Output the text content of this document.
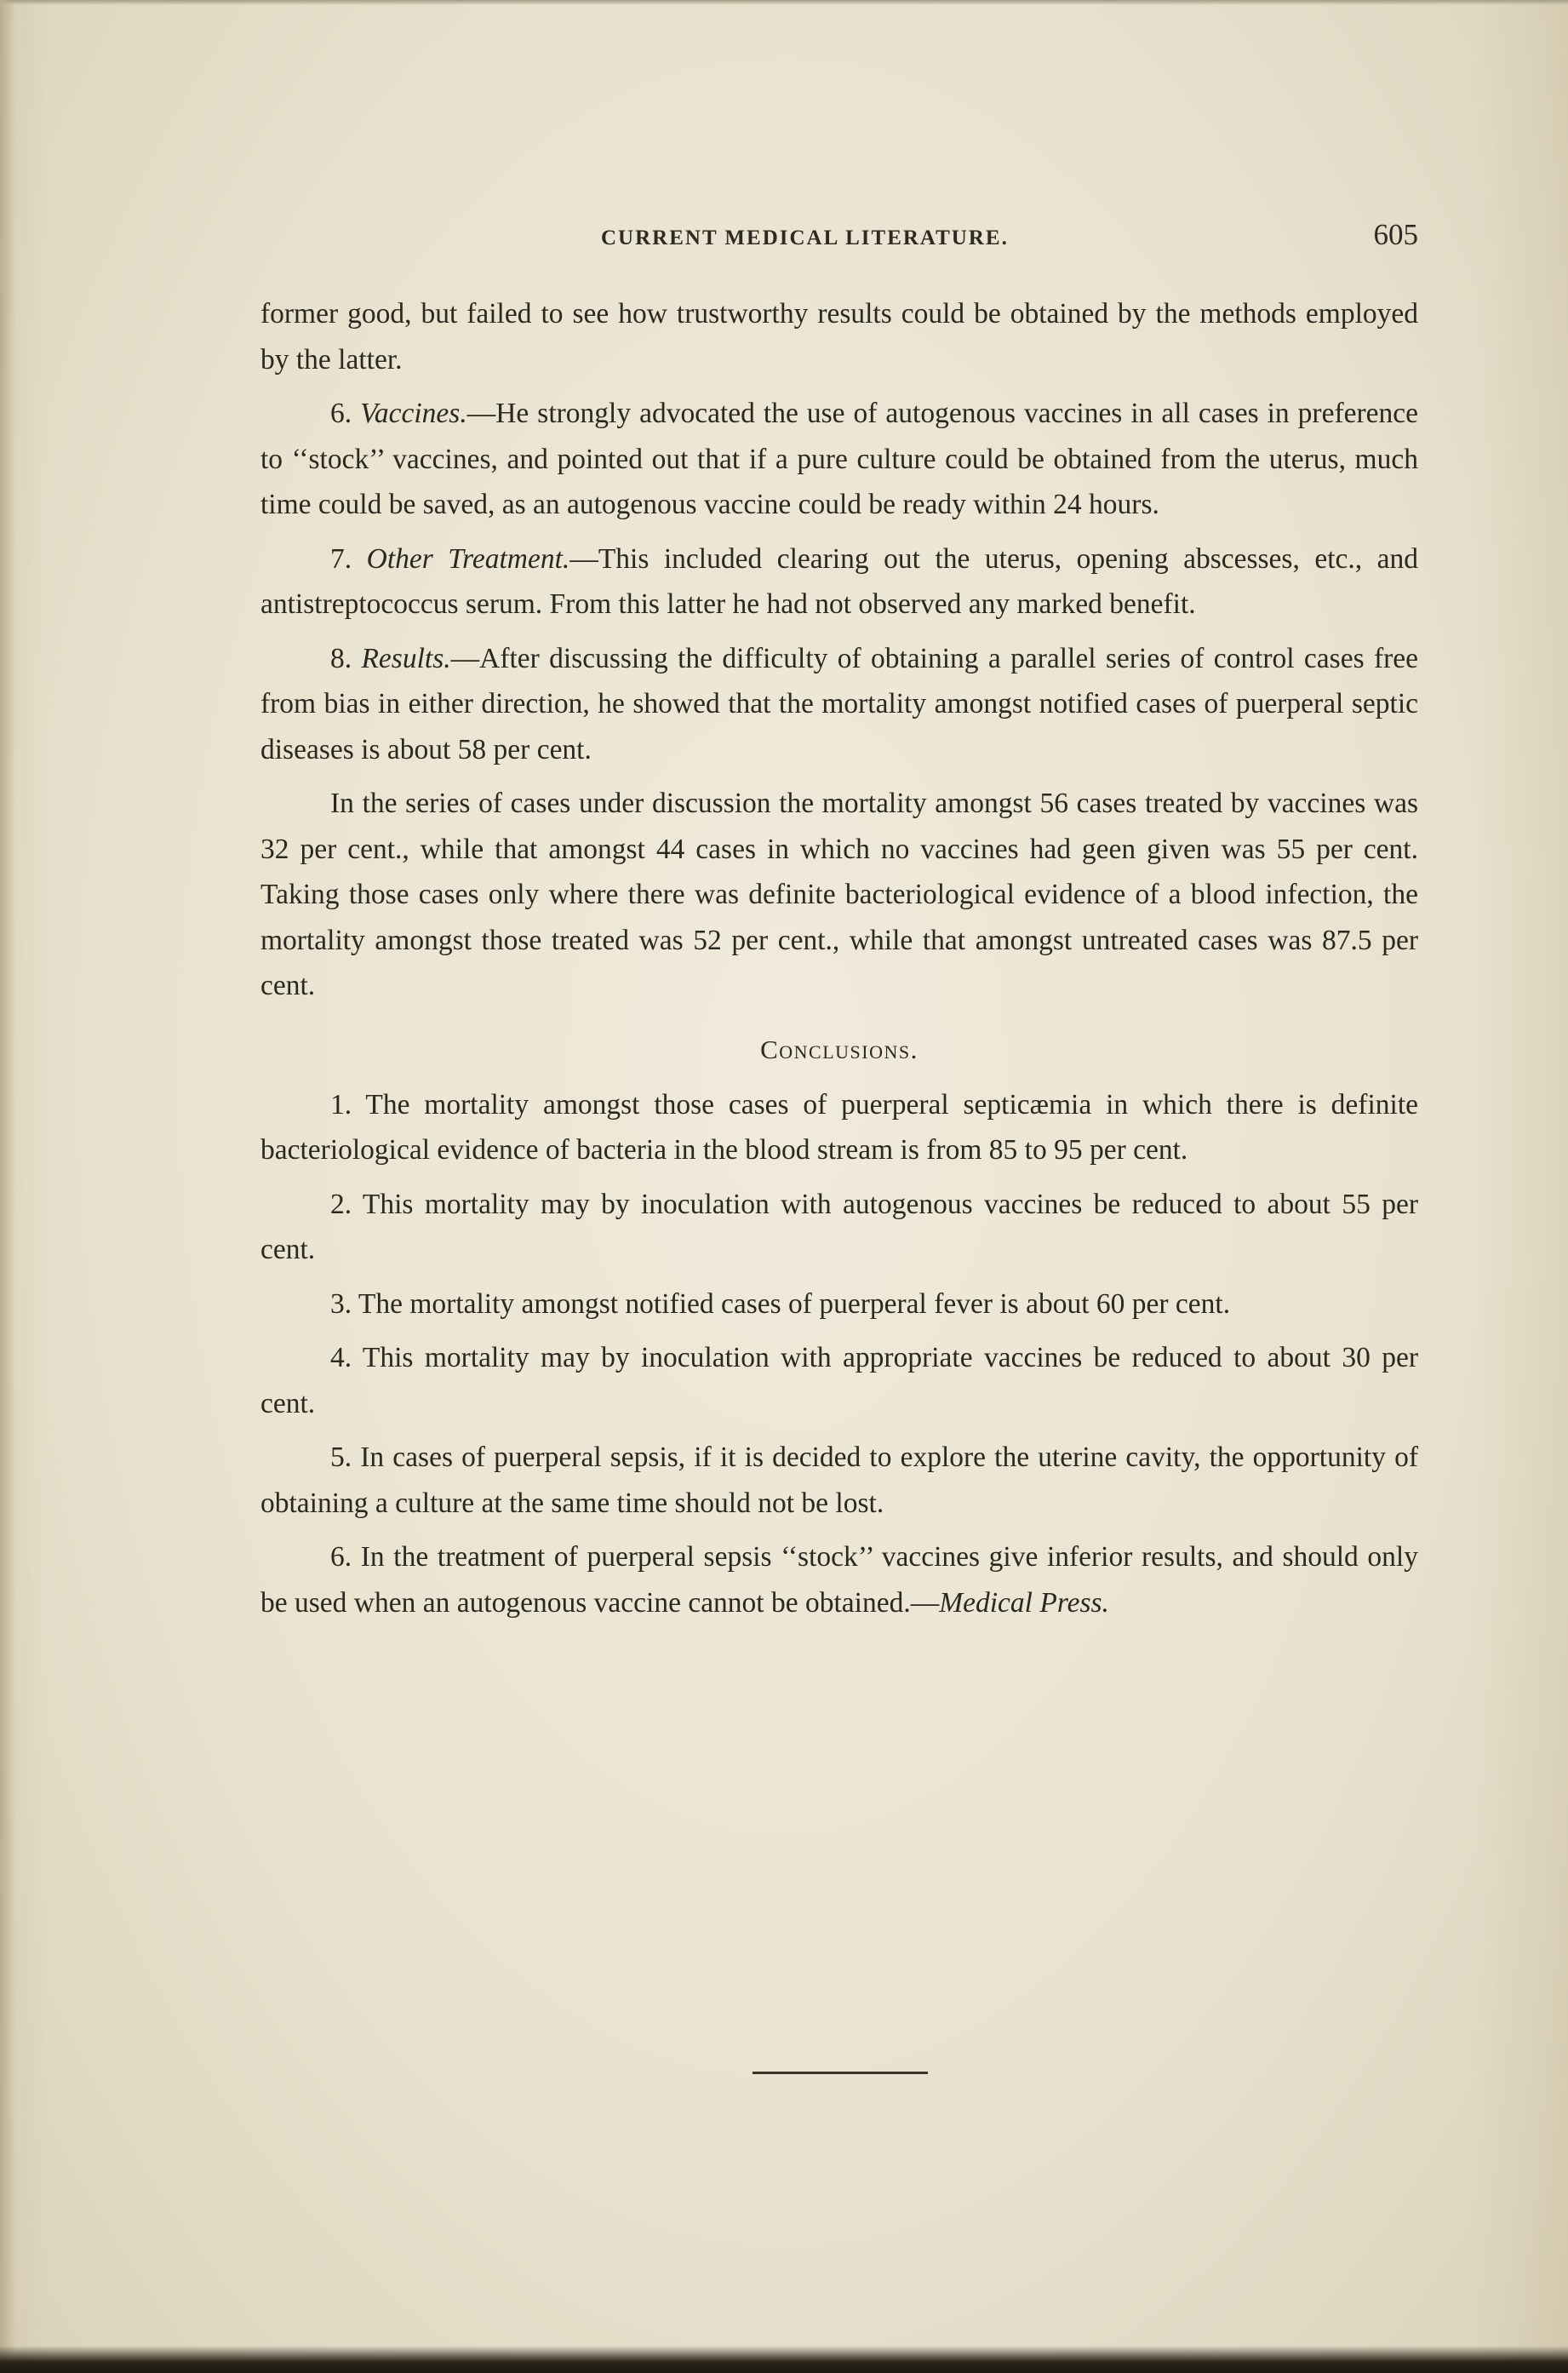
CURRENT MEDICAL LITERATURE.	605

former good, but failed to see how trustworthy results could be obtained by the methods employed by the latter.

6. Vaccines.—He strongly advocated the use of autogenous vaccines in all cases in preference to ‘‘stock’’ vaccines, and pointed out that if a pure culture could be obtained from the uterus, much time could be saved, as an autogenous vaccine could be ready within 24 hours.

7. Other Treatment.—This included clearing out the uterus, opening abscesses, etc., and antistreptococcus serum. From this latter he had not observed any marked benefit.

8. Results.—After discussing the difficulty of obtaining a parallel series of control cases free from bias in either direction, he showed that the mortality amongst notified cases of puerperal septic diseases is about 58 per cent.

In the series of cases under discussion the mortality amongst 56 cases treated by vaccines was 32 per cent., while that amongst 44 cases in which no vaccines had geen given was 55 per cent. Taking those cases only where there was definite bacteriological evidence of a blood infection, the mortality amongst those treated was 52 per cent., while that amongst untreated cases was 87.5 per cent.

Conclusions.

1. The mortality amongst those cases of puerperal septicæmia in which there is definite bacteriological evidence of bacteria in the blood stream is from 85 to 95 per cent.

2. This mortality may by inoculation with autogenous vaccines be reduced to about 55 per cent.

3. The mortality amongst notified cases of puerperal fever is about 60 per cent.

4. This mortality may by inoculation with appropriate vaccines be reduced to about 30 per cent.

5. In cases of puerperal sepsis, if it is decided to explore the uterine cavity, the opportunity of obtaining a culture at the same time should not be lost.

6. In the treatment of puerperal sepsis ‘‘stock’’ vaccines give inferior results, and should only be used when an autogenous vaccine cannot be obtained.—Medical Press.
